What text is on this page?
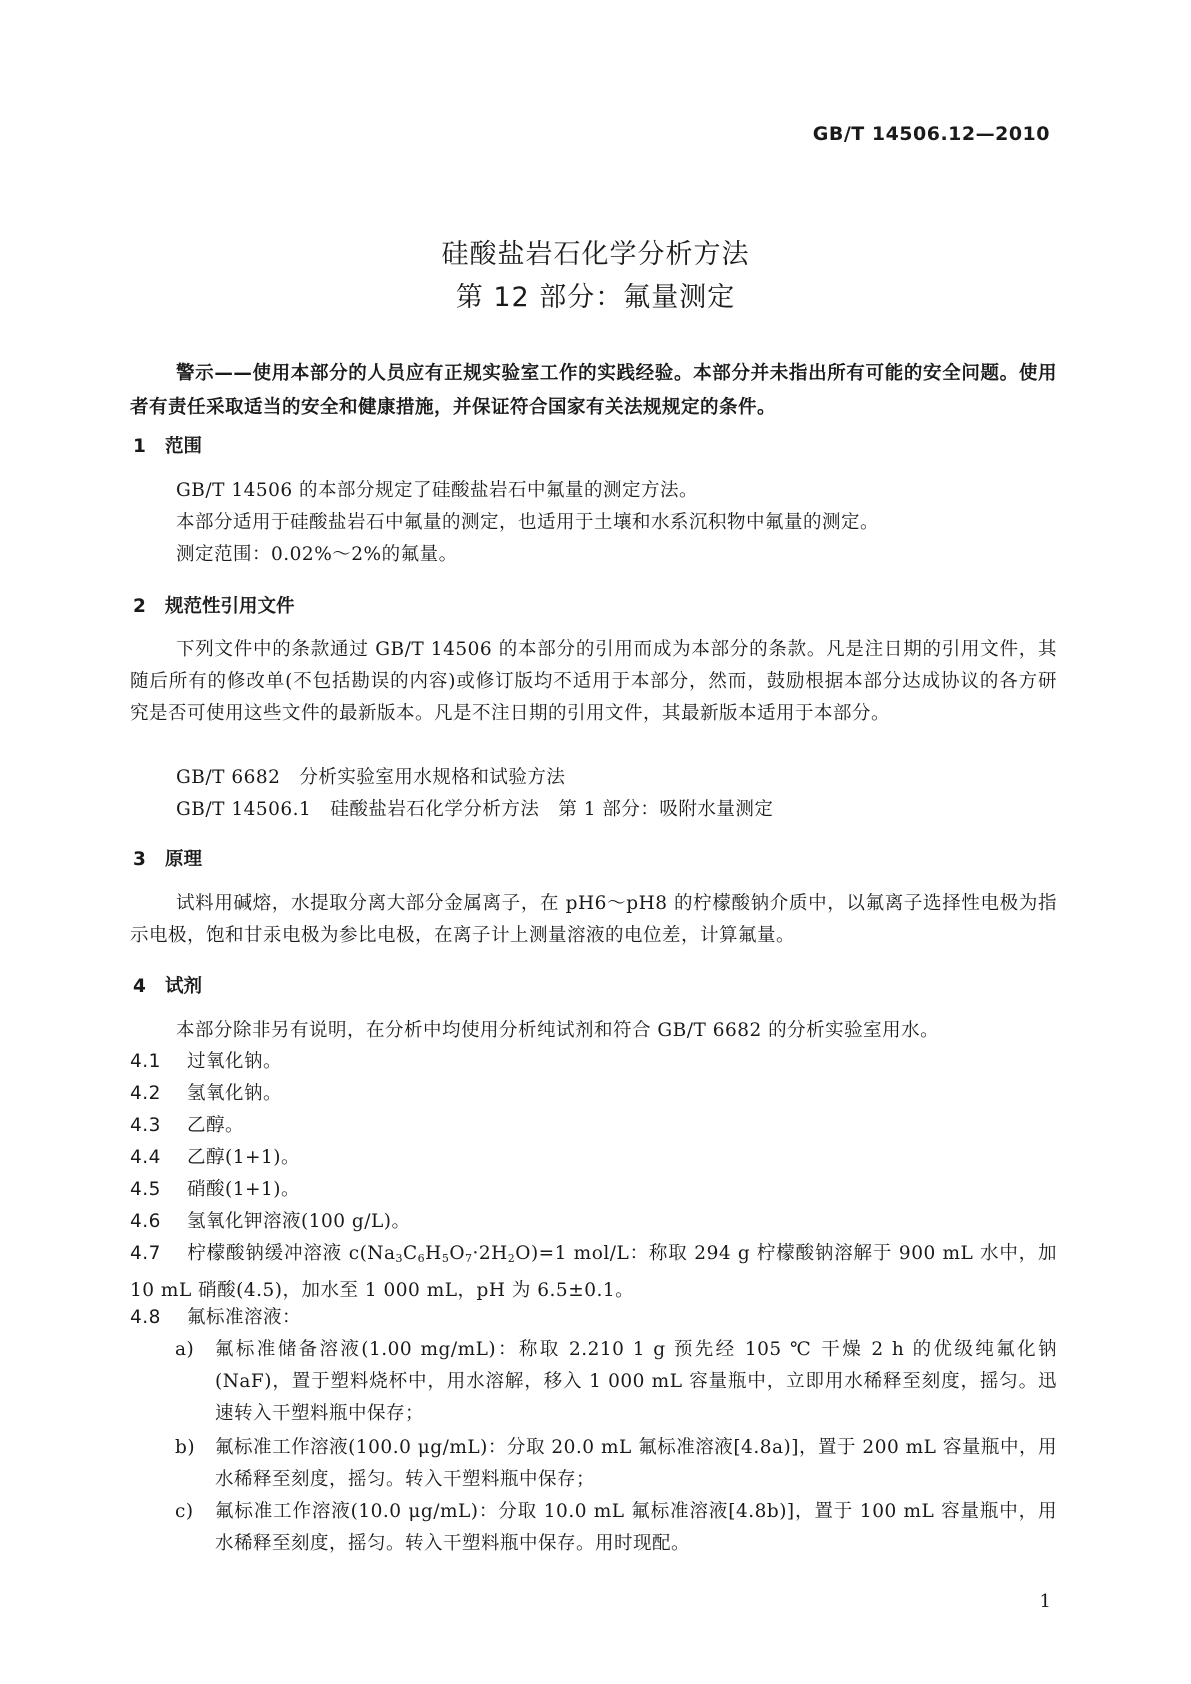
GB/T 14506.12—2010
硅酸盐岩石化学分析方法
第 12 部分：氟量测定
警示——使用本部分的人员应有正规实验室工作的实践经验。本部分并未指出所有可能的安全问题。使用者有责任采取适当的安全和健康措施，并保证符合国家有关法规规定的条件。
1 范围
GB/T 14506 的本部分规定了硅酸盐岩石中氟量的测定方法。
本部分适用于硅酸盐岩石中氟量的测定，也适用于土壤和水系沉积物中氟量的测定。
测定范围：0.02%～2%的氟量。
2 规范性引用文件
下列文件中的条款通过 GB/T 14506 的本部分的引用而成为本部分的条款。凡是注日期的引用文件，其随后所有的修改单(不包括勘误的内容)或修订版均不适用于本部分，然而，鼓励根据本部分达成协议的各方研究是否可使用这些文件的最新版本。凡是不注日期的引用文件，其最新版本适用于本部分。
GB/T 6682　分析实验室用水规格和试验方法
GB/T 14506.1　硅酸盐岩石化学分析方法　第 1 部分：吸附水量测定
3 原理
试料用碱熔，水提取分离大部分金属离子，在 pH6～pH8 的柠檬酸钠介质中，以氟离子选择性电极为指示电极，饱和甘汞电极为参比电极，在离子计上测量溶液的电位差，计算氟量。
4 试剂
本部分除非另有说明，在分析中均使用分析纯试剂和符合 GB/T 6682 的分析实验室用水。
4.1 过氧化钠。
4.2 氢氧化钠。
4.3 乙醇。
4.4 乙醇(1+1)。
4.5 硝酸(1+1)。
4.6 氢氧化钾溶液(100 g/L)。
4.7 柠檬酸钠缓冲溶液 $c(Na_3C_6H_5O_7\cdot 2H_2O)=1$ mol/L：称取 294 g 柠檬酸钠溶解于 900 mL 水中，加 10 mL 硝酸(4.5)，加水至 1 000 mL，pH 为 6.5±0.1。
4.8 氟标准溶液：
a)	氟标准储备溶液(1.00 mg/mL)：称取 2.210 1 g 预先经 105 ℃ 干燥 2 h 的优级纯氟化钠(NaF)，置于塑料烧杯中，用水溶解，移入 1 000 mL 容量瓶中，立即用水稀释至刻度，摇匀。迅速转入干塑料瓶中保存；
b)	氟标准工作溶液(100.0 μg/mL)：分取 20.0 mL 氟标准溶液[4.8a)]，置于 200 mL 容量瓶中，用水稀释至刻度，摇匀。转入干塑料瓶中保存；
c)	氟标准工作溶液(10.0 μg/mL)：分取 10.0 mL 氟标准溶液[4.8b)]，置于 100 mL 容量瓶中，用水稀释至刻度，摇匀。转入干塑料瓶中保存。用时现配。
1
